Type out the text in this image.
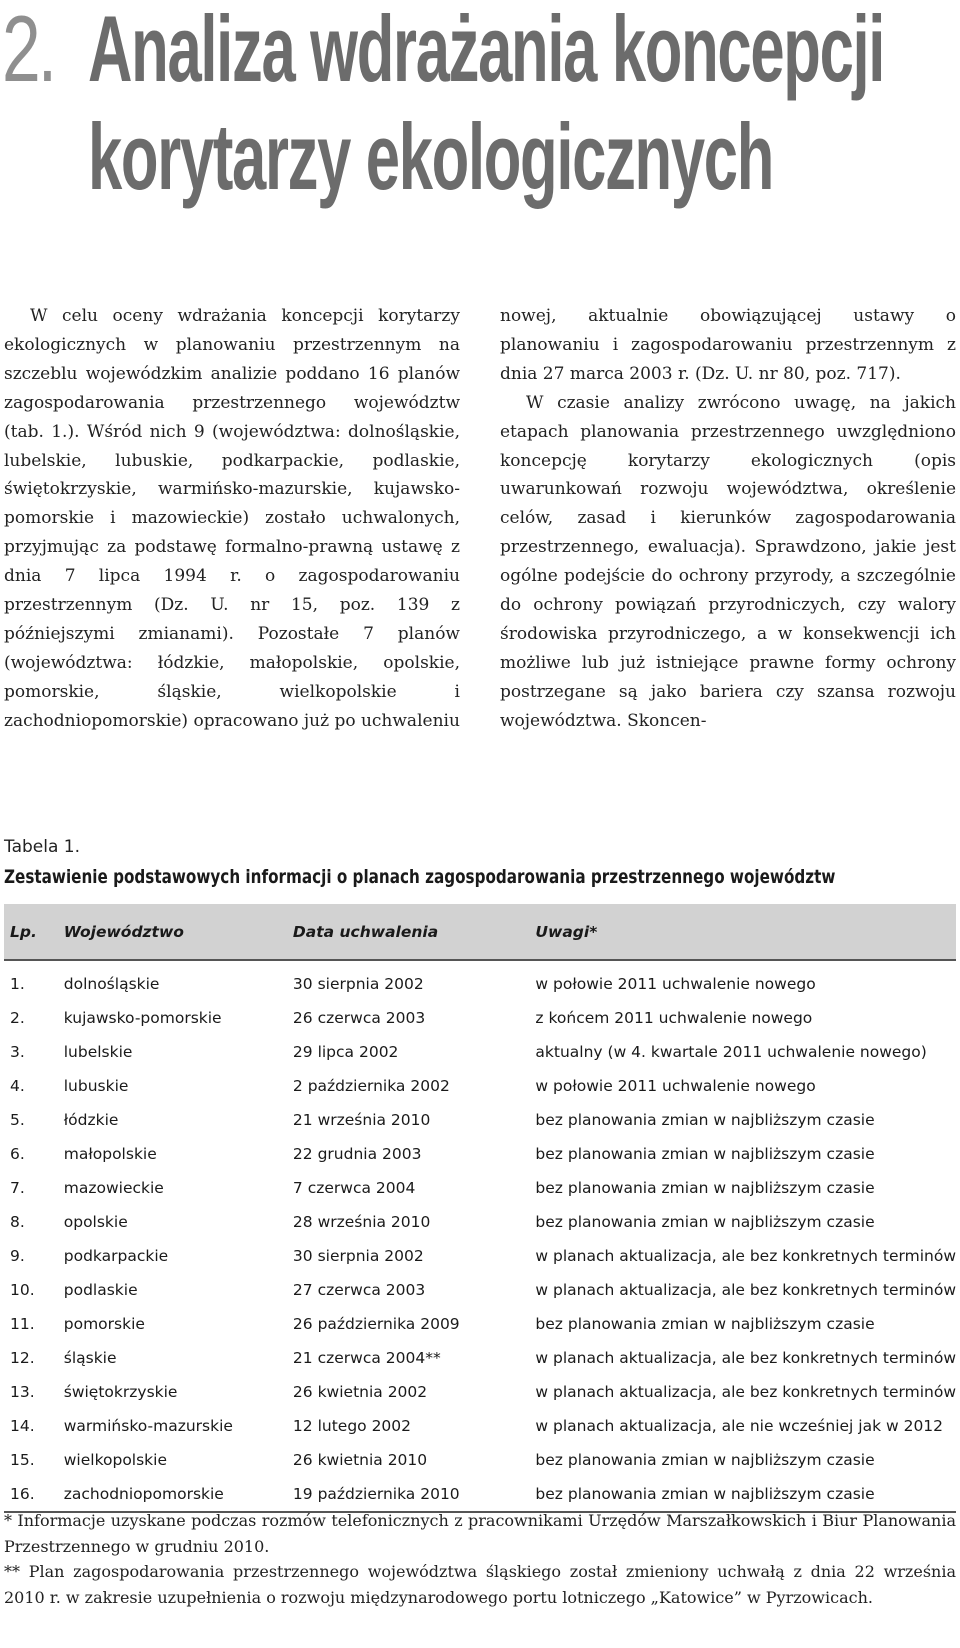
2. Analiza wdrażania koncepcji
korytarzy ekologicznych

W celu oceny wdrażania koncepcji korytarzy ekologicznych w planowaniu przestrzennym na szczeblu wojewódzkim analizie poddano 16 planów zagospodarowania przestrzennego województw (tab. 1.). Wśród nich 9 (województwa: dolnośląskie, lubelskie, lubuskie, podkarpackie, podlaskie, świętokrzyskie, warmińsko-mazurskie, kujawsko-pomorskie i mazowieckie) zostało uchwalonych, przyjmując za podstawę formalno-prawną ustawę z dnia 7 lipca 1994 r. o zagospodarowaniu przestrzennym (Dz. U. nr 15, poz. 139 z późniejszymi zmianami). Pozostałe 7 planów (województwa: łódzkie, małopolskie, opolskie, pomorskie, śląskie, wielkopolskie i zachodniopomorskie) opracowano już po uchwaleniu

nowej, aktualnie obowiązującej ustawy o planowaniu i zagospodarowaniu przestrzennym z dnia 27 marca 2003 r. (Dz. U. nr 80, poz. 717).

W czasie analizy zwrócono uwagę, na jakich etapach planowania przestrzennego uwzględniono koncepcję korytarzy ekologicznych (opis uwarunkowań rozwoju województwa, określenie celów, zasad i kierunków zagospodarowania przestrzennego, ewaluacja). Sprawdzono, jakie jest ogólne podejście do ochrony przyrody, a szczególnie do ochrony powiązań przyrodniczych, czy walory środowiska przyrodniczego, a w konsekwencji ich możliwe lub już istniejące prawne formy ochrony postrzegane są jako bariera czy szansa rozwoju województwa. Skoncen-

Tabela 1.
Zestawienie podstawowych informacji o planach zagospodarowania przestrzennego województw
Lp.	Województwo	Data uchwalenia	Uwagi*
1.	dolnośląskie	30 sierpnia 2002	w połowie 2011 uchwalenie nowego
2.	kujawsko-pomorskie	26 czerwca 2003	z końcem 2011 uchwalenie nowego
3.	lubelskie	29 lipca 2002	aktualny (w 4. kwartale 2011 uchwalenie nowego)
4.	lubuskie	2 października 2002	w połowie 2011 uchwalenie nowego
5.	łódzkie	21 września 2010	bez planowania zmian w najbliższym czasie
6.	małopolskie	22 grudnia 2003	bez planowania zmian w najbliższym czasie
7.	mazowieckie	7 czerwca 2004	bez planowania zmian w najbliższym czasie
8.	opolskie	28 września 2010	bez planowania zmian w najbliższym czasie
9.	podkarpackie	30 sierpnia 2002	w planach aktualizacja, ale bez konkretnych terminów
10.	podlaskie	27 czerwca 2003	w planach aktualizacja, ale bez konkretnych terminów
11.	pomorskie	26 października 2009	bez planowania zmian w najbliższym czasie
12.	śląskie	21 czerwca 2004**	w planach aktualizacja, ale bez konkretnych terminów
13.	świętokrzyskie	26 kwietnia 2002	w planach aktualizacja, ale bez konkretnych terminów
14.	warmińsko-mazurskie	12 lutego 2002	w planach aktualizacja, ale nie wcześniej jak w 2012
15.	wielkopolskie	26 kwietnia 2010	bez planowania zmian w najbliższym czasie
16.	zachodniopomorskie	19 października 2010	bez planowania zmian w najbliższym czasie

* Informacje uzyskane podczas rozmów telefonicznych z pracownikami Urzędów Marszałkowskich i Biur Planowania Przestrzennego w grudniu 2010.

** Plan zagospodarowania przestrzennego województwa śląskiego został zmieniony uchwałą z dnia 22 września 2010 r. w zakresie uzupełnienia o rozwoju międzynarodowego portu lotniczego „Katowice” w Pyrzowicach.
